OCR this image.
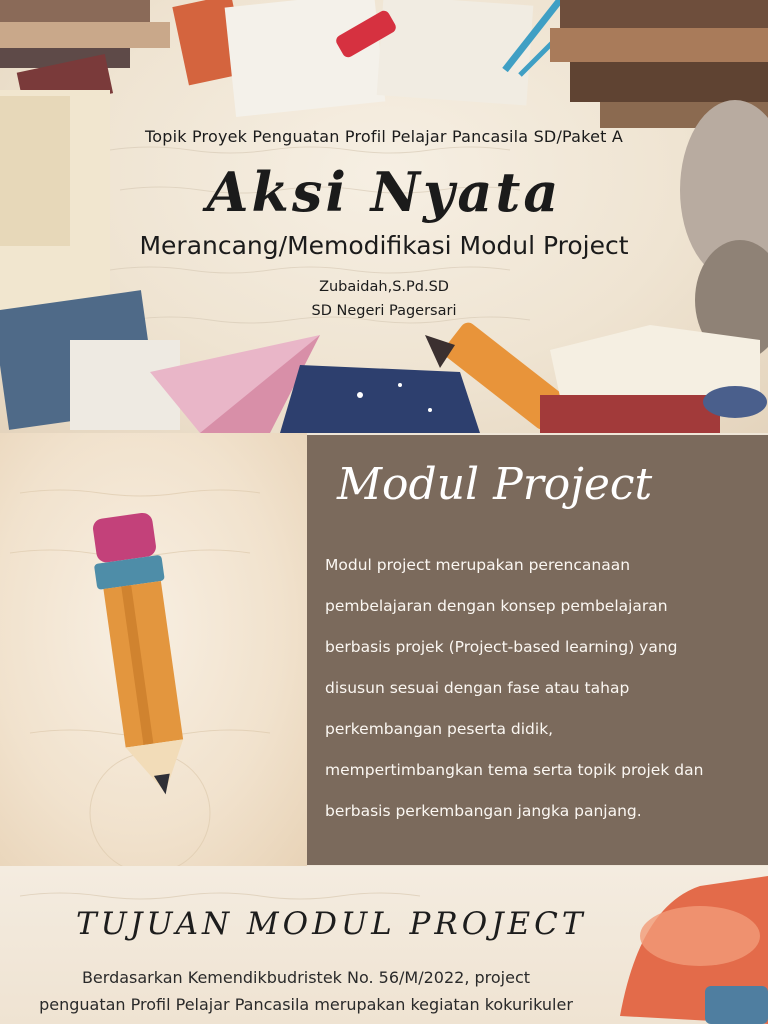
Topik Proyek Penguatan Profil Pelajar Pancasila SD/Paket A
Aksi Nyata
Merancang/Memodifikasi Modul Project
Zubaidah,S.Pd.SD
SD Negeri Pagersari
Modul Project

Modul project merupakan perencanaan

pembelajaran dengan konsep pembelajaran

berbasis projek (Project-based learning) yang

disusun sesuai dengan fase atau tahap

perkembangan peserta didik,

mempertimbangkan tema serta topik projek dan

berbasis perkembangan jangka panjang.

TUJUAN MODUL PROJECT
Berdasarkan Kemendikbudristek No. 56/M/2022, project
penguatan Profil Pelajar Pancasila merupakan kegiatan kokurikuler
